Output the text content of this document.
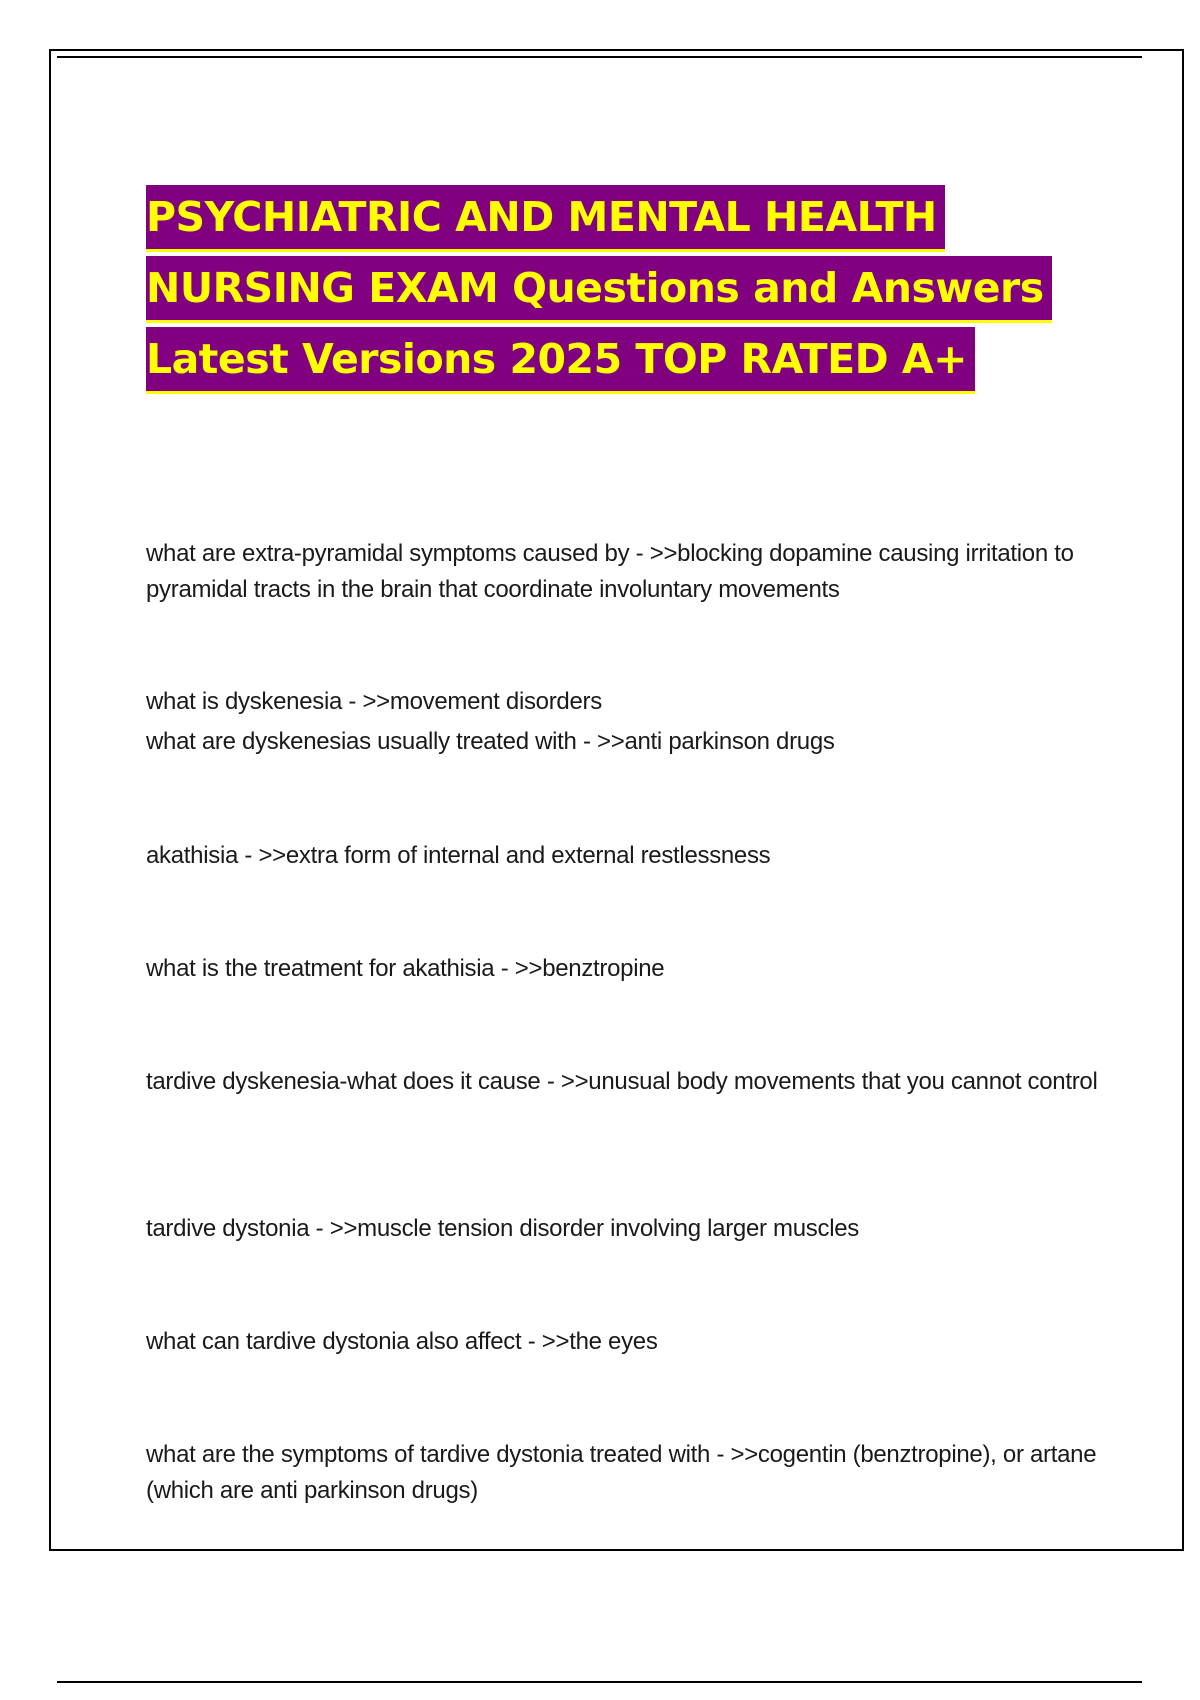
PSYCHIATRIC AND MENTAL HEALTH
NURSING EXAM Questions and Answers
Latest Versions 2025 TOP RATED A+
what are extra-pyramidal symptoms caused by - >>blocking dopamine causing irritation to pyramidal tracts in the brain that coordinate involuntary movements
what is dyskenesia - >>movement disorders
what are dyskenesias usually treated with - >>anti parkinson drugs
akathisia - >>extra form of internal and external restlessness
what is the treatment for akathisia - >>benztropine
tardive dyskenesia-what does it cause - >>unusual body movements that you cannot control
tardive dystonia - >>muscle tension disorder involving larger muscles
what can tardive dystonia also affect - >>the eyes
what are the symptoms of tardive dystonia treated with - >>cogentin (benztropine), or artane (which are anti parkinson drugs)
